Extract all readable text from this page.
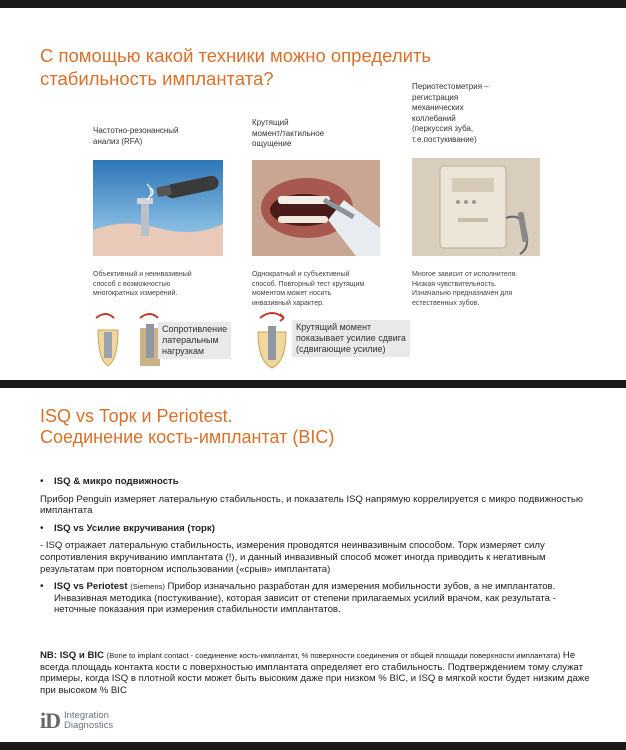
С помощью какой техники можно определить
стабильность имплантата?
Частотно-резонансный
анализ (RFA)
Крутящий
момент/тактильное
ощущение
Периотестометрия –
регистрация
механических
коллебаний
(перкуссия зуба,
т.е.постукивание)
Объективный и неинвазивный
способ с возможностью
многократных измерений.
Однократный и субъективный
способ. Повторный тест крутящим
моментом может носить
инвазивный характер.
Многое зависит от исполнителя.
Низкая чувствительность.
Изначально предназначен для
естественных зубов.
Сопротивление
латеральным
нагрузкам
Крутящий момент
показывает усилие сдвига
(сдвигающие усилие)
ISQ vs Торк и Periotest.
Соединение кость-имплантат (BIC)
•	ISQ & микро подвижность
Прибор Penguin измеряет латеральную стабильность, и показатель ISQ напрямую коррелируется с микро подвижностью имплантата
•	ISQ vs Усилие вкручивания (торк)
- ISQ отражает латеральную стабильность, измерения проводятся неинвазивным способом. Торк измеряет силу сопротивления вкручиванию имплантата (!), и данный инвазивный способ может иногда приводить к негативным результатам при повторном использовании («срыв» имплантата)
•	ISQ vs Periotest (Siemens) Прибор изначально разработан для измерения мобильности зубов, а не имплантатов. Инвазивная методика (постукивание), которая зависит от степени прилагаемых усилий врачом, как результата - неточные показания при измерения стабильности имплантатов.
NB: ISQ и BIC (Bone to implant contact - соединение кость-имплантат, % поверхности соединения от общей площади поверхности имплантата) Не всегда площадь контакта кости с поверхностью имплантата определяет его стабильность. Подтверждением тому служат примеры, когда ISQ в плотной кости может быть высоким даже при низком % BIC, и ISQ в мягкой кости будет низким даже при высоком % BIC
iD Integration
Diagnostics
